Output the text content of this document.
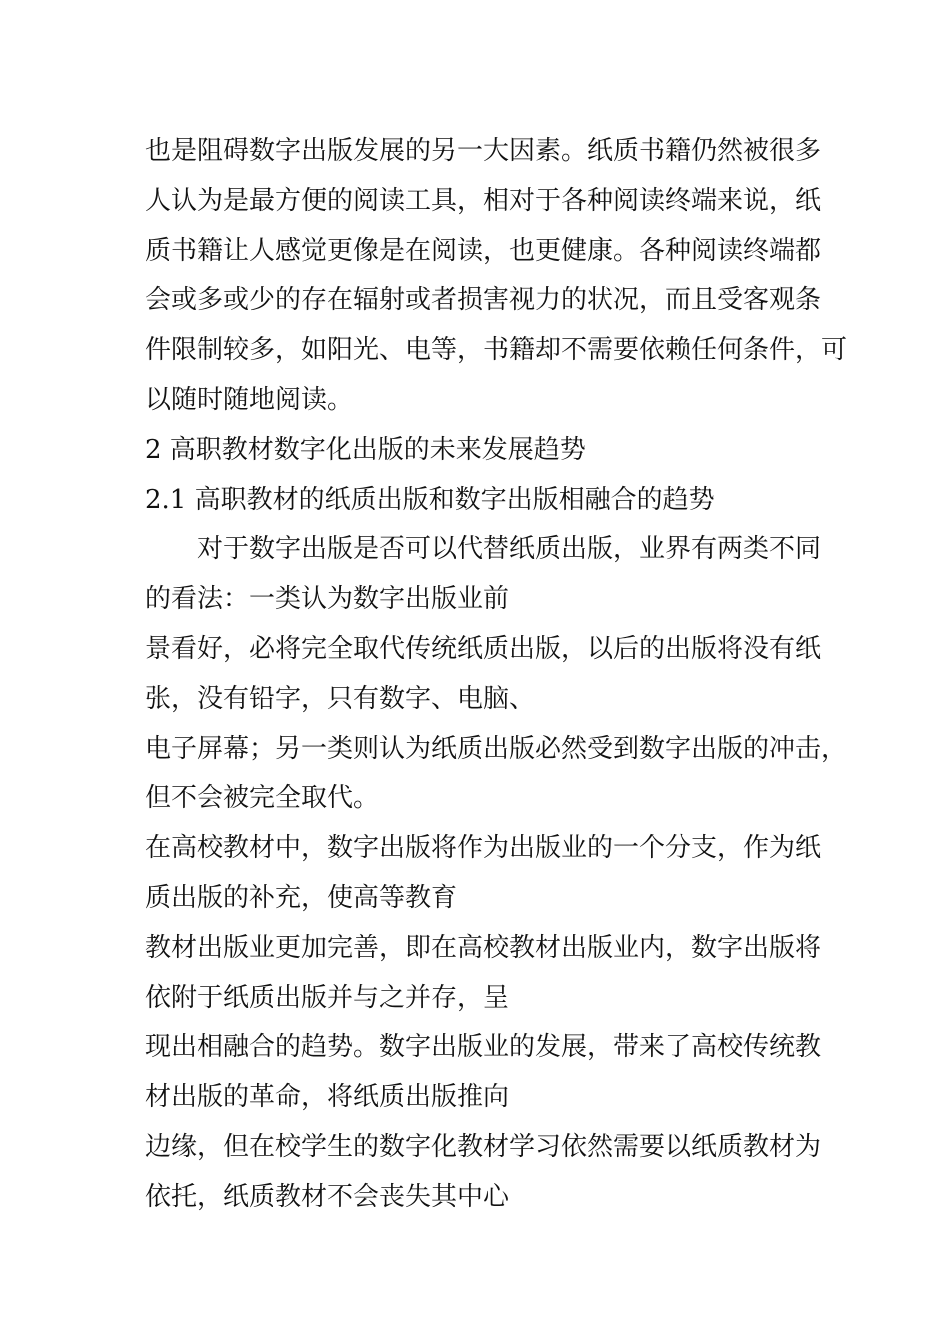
也是阻碍数字出版发展的另一大因素。纸质书籍仍然被很多
人认为是最方便的阅读工具，相对于各种阅读终端来说，纸
质书籍让人感觉更像是在阅读，也更健康。各种阅读终端都
会或多或少的存在辐射或者损害视力的状况，而且受客观条
件限制较多，如阳光、电等，书籍却不需要依赖任何条件，可
以随时随地阅读。
2 高职教材数字化出版的未来发展趋势
2.1 高职教材的纸质出版和数字出版相融合的趋势
对于数字出版是否可以代替纸质出版，业界有两类不同
的看法：一类认为数字出版业前
景看好，必将完全取代传统纸质出版，以后的出版将没有纸
张，没有铅字，只有数字、电脑、
电子屏幕；另一类则认为纸质出版必然受到数字出版的冲击，
但不会被完全取代。
在高校教材中，数字出版将作为出版业的一个分支，作为纸
质出版的补充，使高等教育
教材出版业更加完善，即在高校教材出版业内，数字出版将
依附于纸质出版并与之并存，呈
现出相融合的趋势。数字出版业的发展，带来了高校传统教
材出版的革命，将纸质出版推向
边缘，但在校学生的数字化教材学习依然需要以纸质教材为
依托，纸质教材不会丧失其中心
